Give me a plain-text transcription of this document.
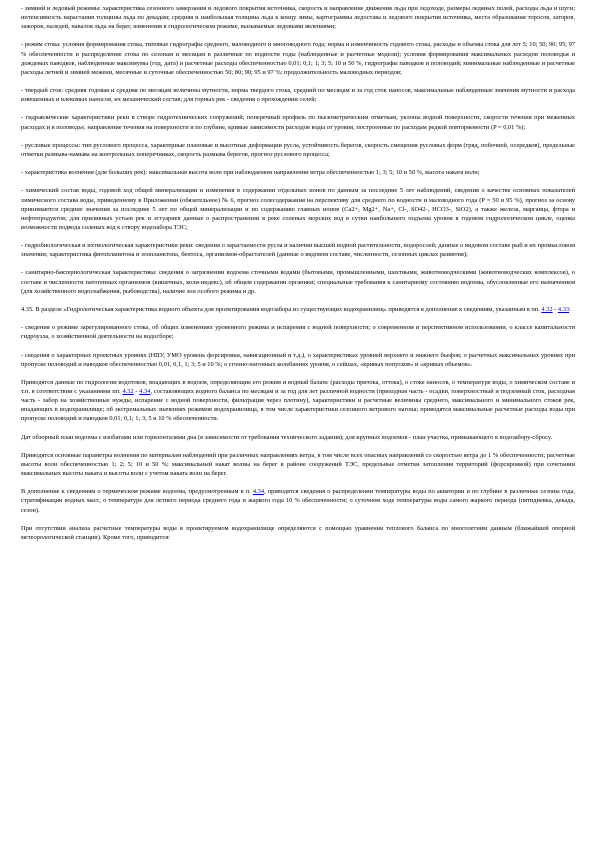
- зимний и ледовый режимы: характеристика сезонного замерзания и ледового покрытия источника, скорость и направление движения льда при ледоходе, размеры ледяных полей, расходы льда и шуги; интенсивность нарастания толщины льда по декадам; средняя и наибольшая толщина льда к концу зимы, картограммы ледостава и ледового покрытия источника, места образования торосов, заторов, зажоров, наледей, навалов льда на берег, изменения в гидрологическом режиме, вызываемые ледовыми явлениями;

- режим стока: условия формирования стока, типовые гидрографы среднего, маловодного и многоводного года; норма и изменчивость годового стока, расходы и объемы стока для лет 5; 10; 50; 90; 95; 97 % обеспеченности и распределение стока по сезонам и месяцам в различные по водности годы (наблюденные и расчетные модели); условия формирования максимальных расходов половодья и дождевых паводков, наблюденные максимумы (год, дата) и расчетные расходы обеспеченностью 0,01; 0,1; 1; 3; 5; 10 и 50 %, гидрографы паводков и половодий; минимальные наблюденные и расчетные расходы летней и зимней межени, месячные и суточные обеспеченностью 50; 80; 90; 95 и 97 %; продолжительность маловодных периодов;

- твердый сток: средняя годовая и средняя по месяцам величины мутности, норма твердого стока, средний по месяцам и за год сток наносов, максимальные наблюденные значения мутности и расхода взвешенных и влекомых наносов, их механический состав; для горных рек - сведения о прохождении селей;

- гидравлические характеристики реки в створе гидротехнических сооружений; поперечный профиль по пьезометрическим отметкам, уклоны водной поверхности, скорости течения при меженных расходах и в половодье, направление течения на поверхности и по глубине, кривые зависимости расходов воды от уровня, построенные по расходам редкой повторяемости (P = 0,01 %);

- русловые процессы: тип руслового процесса, характерные плановые и высотные деформации русла, устойчивость берегов, скорость смещения русловых форм (гряд, побочней, осередков), предельные отметки размыва-намыва на контрольных поперечниках, скорость размыва берегов, прогноз руслового процесса;

- характеристика волнения (для больших рек): максимальная высота волн при наблюдаемом направлении ветра обеспеченностью 1; 3; 5; 10 и 50 %, высота наката волн;

- химический состав воды, годовой ход общей минерализации и изменения в содержании отдельных ионов по данным за последние 5 лет наблюдений, сведения о качестве основных показателей химического состава воды, приведенному в Приложении (обязательное) № 6, прогноз солесодержания на перспективу для среднего по водности и маловодного года (P = 50 и 95 %), прогноз за основу принимаются средние значения за последние 5 лет по общей минерализации и по содержанию главных ионов (Ca2+, Mg2+, Na+, Cl-, SO42-, HCO3-, SiO2), а также железа, марганца, фтора и нефтепродуктов; для приливных устьев рек и эстуариев данные о распространении в реке соленых морских вод в сутки наибольшего подъема уровня в годовом гидрологическом цикле, оценка возможности подвода соленых вод к створу водозабора ТЭС;

- гидробиологическая и ихтиологическая характеристики реки: сведения о зарастаемости русла и наличии высшей водной растительности, водорослей; данные о видовом составе рыб и их промысловом значении; характеристика фитопланктона и зоопланктона, бентоса, организмов-обрастателей (данные о видовом составе, численности, сезонных циклах развития);

- санитарно-бактериологическая характеристика: сведения о загрязнении водоема сточными водами (бытовыми, промышленными, шахтными, животноводческими (животноводческих комплексов), о составе и численности патогенных организмов (кишечных, коли-индекс), об общем содержании органики; специальные требования к санитарному состоянию водоема, обусловленные его назначением (для хозяйственного водоснабжения, рыбоводства), наличие зон особого режима и др.

4.35. В разделе «Гидрологическая характеристика водного объекта для проектирования водозабора из существующих водохранилищ» приводятся в дополнение к сведениям, указанным в пп. 4.32 - 4.33:

- сведения о режиме зарегулированного стока, об общих изменениях уровенного режима и испарения с водной поверхности; о современном и перспективном использовании, о классе капитальности гидроузла, о хозяйственной деятельности на водосборе;

- сведения о характерных проектных уровнях (НПУ, УМО уровень форсировки, навигационный и т.д.), о характеристиках уровней верхнего и нижнего бьефов; о расчетных максимальных уровнях при пропуске половодий и паводков обеспеченностью 0,01, 0,1, 1; 3; 5 и 10 %; о сгонно-нагонных колебаниях уровня, о сейшах, «кривых попусков» и «кривых объемов».

Приводятся данные по гидрологии водотоков, впадающих в водоем, определяющие его режим и водный баланс (расходы притока, оттока), о стоке наносов, о температуре воды, о химическом составе и т.п. в соответствии с указаниями пп. 4.32 - 4.34, составляющих водного баланса по месяцам и за год для лет различной водности (приходная часть - осадки, поверхностный и подземный сток, расходная часть - забор на хозяйственные нужды, испарение с водной поверхности, фильтрация через плотину), характеристики и расчетные величины среднего, максимального и минимального стоков рек, впадающих в водохранилище; об экстремальных значениях режимов водохранилища, в том числе характеристики сезонного ветрового нагона; приводятся максимальные расчетные расходы воды при пропуске половодий и паводков 0,01; 0,1; 1; 3; 5 и 10 % обеспеченности.

Дат обзорный план водоема с изобатами или горизонталями дна (в зависимости от требования технического задания); для крупных водоемов - план участка, примыкающего к водозабору-сбросу.

Приводятся основные параметры волнения по материалам наблюдений при различных направлениях ветра, в том числе всех опасных направлений со скоростью ветра до 1 % обеспеченности; расчетные высоты волн обеспеченностью 1; 2; 5; 10 и 50 %; максимальный накат волны на берег в районе сооружений ТЭС, предельные отметки затопления территорий (форсировкой) при сочетании максимальных высоты наката и высоты волн с учетом наката волн на берег.

В дополнение к сведениям о термическом режиме водоема, предусмотренным в п. 4.34, приводятся сведения о распределении температуры воды по акватории и по глубине в различные сезоны года, стратификации водных масс, о температуре для летнего периода среднего года и жаркого года 10 % обеспеченности; о суточном ходе температуры воды самого жаркого периода (пятидневка, декада, сезон).

При отсутствии анализа расчетные температуры воды в проектируемом водохранилище определяются с помощью уравнения теплового баланса по многолетним данным (ближайшей опорной метеорологической станции). Кроме того, приводится:
